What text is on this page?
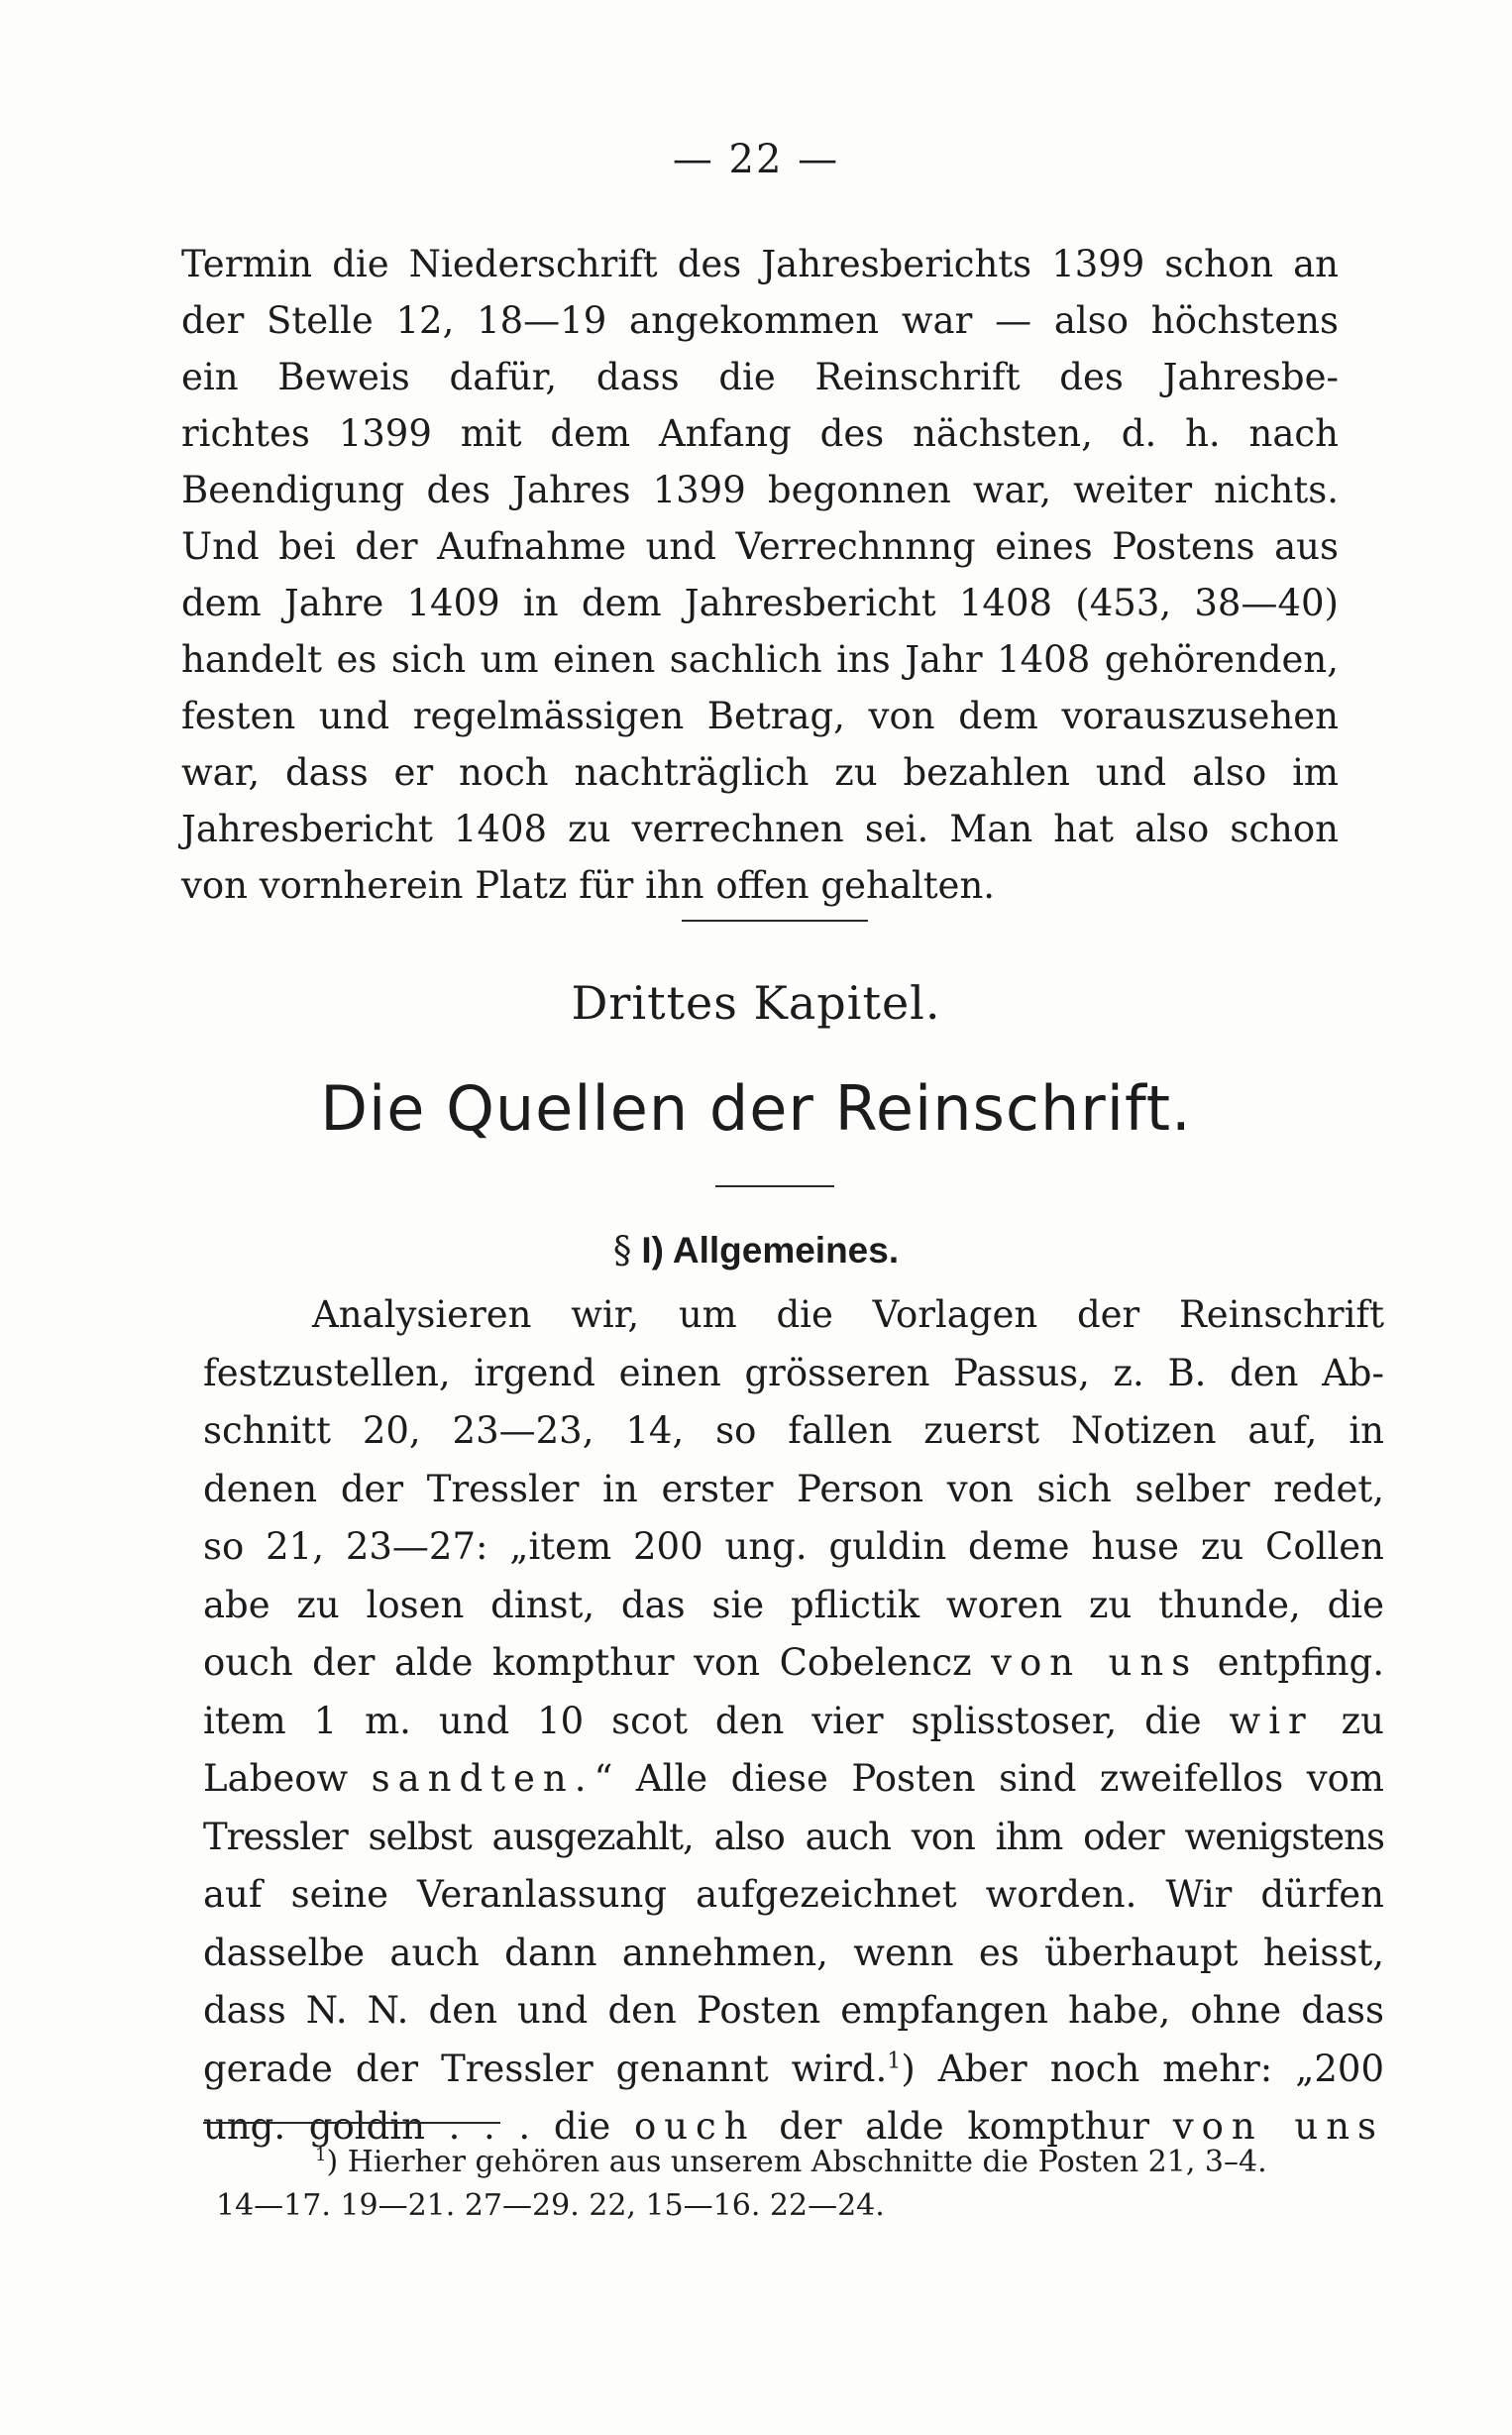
— 22 —
Termin die Niederschrift des Jahresberichts 1399 schon an
der Stelle 12, 18—19 angekommen war — also höchstens
ein Beweis dafür, dass die Reinschrift des Jahresbe-
richtes 1399 mit dem Anfang des nächsten, d. h. nach
Beendigung des Jahres 1399 begonnen war, weiter nichts.
Und bei der Aufnahme und Verrechnnng eines Postens aus
dem Jahre 1409 in dem Jahresbericht 1408 (453, 38—40)
handelt es sich um einen sachlich ins Jahr 1408 gehörenden,
festen und regelmässigen Betrag, von dem vorauszusehen
war, dass er noch nachträglich zu bezahlen und also im
Jahresbericht 1408 zu verrechnen sei. Man hat also schon
von vornherein Platz für ihn offen gehalten.
Drittes Kapitel.
Die Quellen der Reinschrift.
§ I) Allgemeines.
Analysieren wir, um die Vorlagen der Reinschrift
festzustellen, irgend einen grösseren Passus, z. B. den Ab-
schnitt 20, 23—23, 14, so fallen zuerst Notizen auf, in
denen der Tressler in erster Person von sich selber redet,
so 21, 23—27: „item 200 ung. guldin deme huse zu Collen
abe zu losen dinst, das sie pflictik woren zu thunde, die
ouch der alde kompthur von Cobelencz von uns entpfing.
item 1 m. und 10 scot den vier splisstoser, die wir zu
Labeow sandten.“ Alle diese Posten sind zweifellos vom
Tressler selbst ausgezahlt, also auch von ihm oder wenigstens
auf seine Veranlassung aufgezeichnet worden. Wir dürfen
dasselbe auch dann annehmen, wenn es überhaupt heisst,
dass N. N. den und den Posten empfangen habe, ohne dass
gerade der Tressler genannt wird.$^1$) Aber noch mehr: „200
ung. goldin . . . die ouch der alde kompthur von uns
$^1$) Hierher gehören aus unserem Abschnitte die Posten 21, 3–4.
14—17. 19—21. 27—29. 22, 15—16. 22—24.
